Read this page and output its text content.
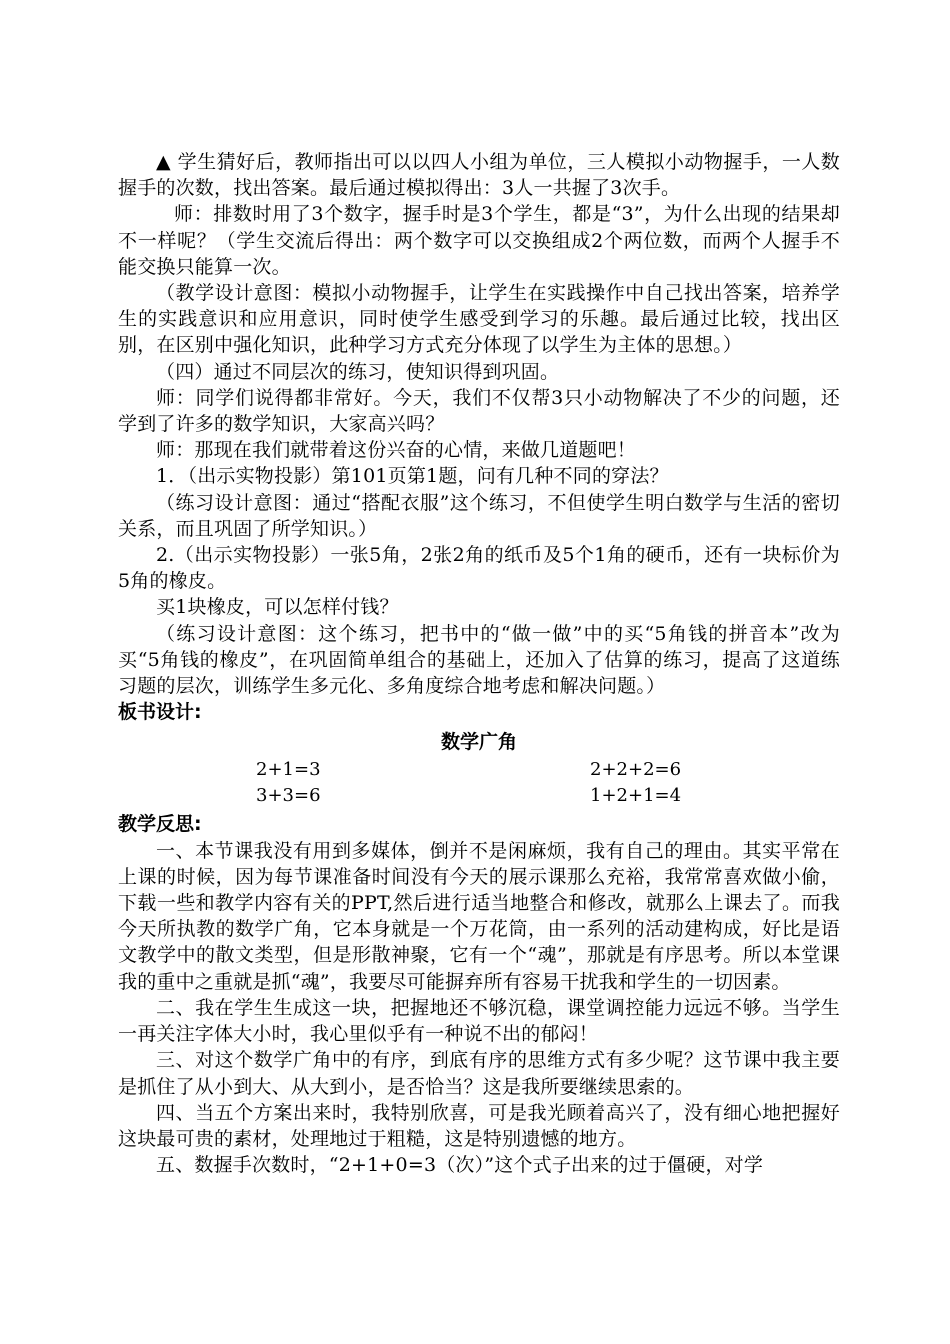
▲ 学生猜好后，教师指出可以以四人小组为单位，三人模拟小动物握手，一人数握手的次数，找出答案。最后通过模拟得出：3人一共握了3次手。

师：排数时用了3个数字，握手时是3个学生，都是“3”，为什么出现的结果却不一样呢？（学生交流后得出：两个数字可以交换组成2个两位数，而两个人握手不能交换只能算一次。

（教学设计意图：模拟小动物握手，让学生在实践操作中自己找出答案，培养学生的实践意识和应用意识，同时使学生感受到学习的乐趣。最后通过比较，找出区别，在区别中强化知识，此种学习方式充分体现了以学生为主体的思想。）

（四）通过不同层次的练习，使知识得到巩固。

师：同学们说得都非常好。今天，我们不仅帮3只小动物解决了不少的问题，还学到了许多的数学知识，大家高兴吗？

师：那现在我们就带着这份兴奋的心情，来做几道题吧！

1．（出示实物投影）第101页第1题，问有几种不同的穿法？

（练习设计意图：通过“搭配衣服”这个练习，不但使学生明白数学与生活的密切关系，而且巩固了所学知识。）

2.（出示实物投影）一张5角，2张2角的纸币及5个1角的硬币，还有一块标价为5角的橡皮。

买1块橡皮，可以怎样付钱？

（练习设计意图：这个练习，把书中的“做一做”中的买“5角钱的拼音本”改为买“5角钱的橡皮”，在巩固简单组合的基础上，还加入了估算的练习，提高了这道练习题的层次，训练学生多元化、多角度综合地考虑和解决问题。）

板书设计:

数学广角
2+1=3	2+2+2=6
3+3=6	1+2+1=4

教学反思:

一、本节课我没有用到多媒体，倒并不是闲麻烦，我有自己的理由。其实平常在上课的时候，因为每节课准备时间没有今天的展示课那么充裕，我常常喜欢做小偷，下载一些和教学内容有关的PPT,然后进行适当地整合和修改，就那么上课去了。而我今天所执教的数学广角，它本身就是一个万花筒，由一系列的活动建构成，好比是语文教学中的散文类型，但是形散神聚，它有一个“魂”，那就是有序思考。所以本堂课我的重中之重就是抓“魂”，我要尽可能摒弃所有容易干扰我和学生的一切因素。

二、我在学生生成这一块，把握地还不够沉稳，课堂调控能力远远不够。当学生一再关注字体大小时，我心里似乎有一种说不出的郁闷！

三、对这个数学广角中的有序，到底有序的思维方式有多少呢？这节课中我主要是抓住了从小到大、从大到小，是否恰当？这是我所要继续思索的。

四、当五个方案出来时，我特别欣喜，可是我光顾着高兴了，没有细心地把握好这块最可贵的素材，处理地过于粗糙，这是特别遗憾的地方。

五、数握手次数时，“2+1+0=3（次）”这个式子出来的过于僵硬，对学
